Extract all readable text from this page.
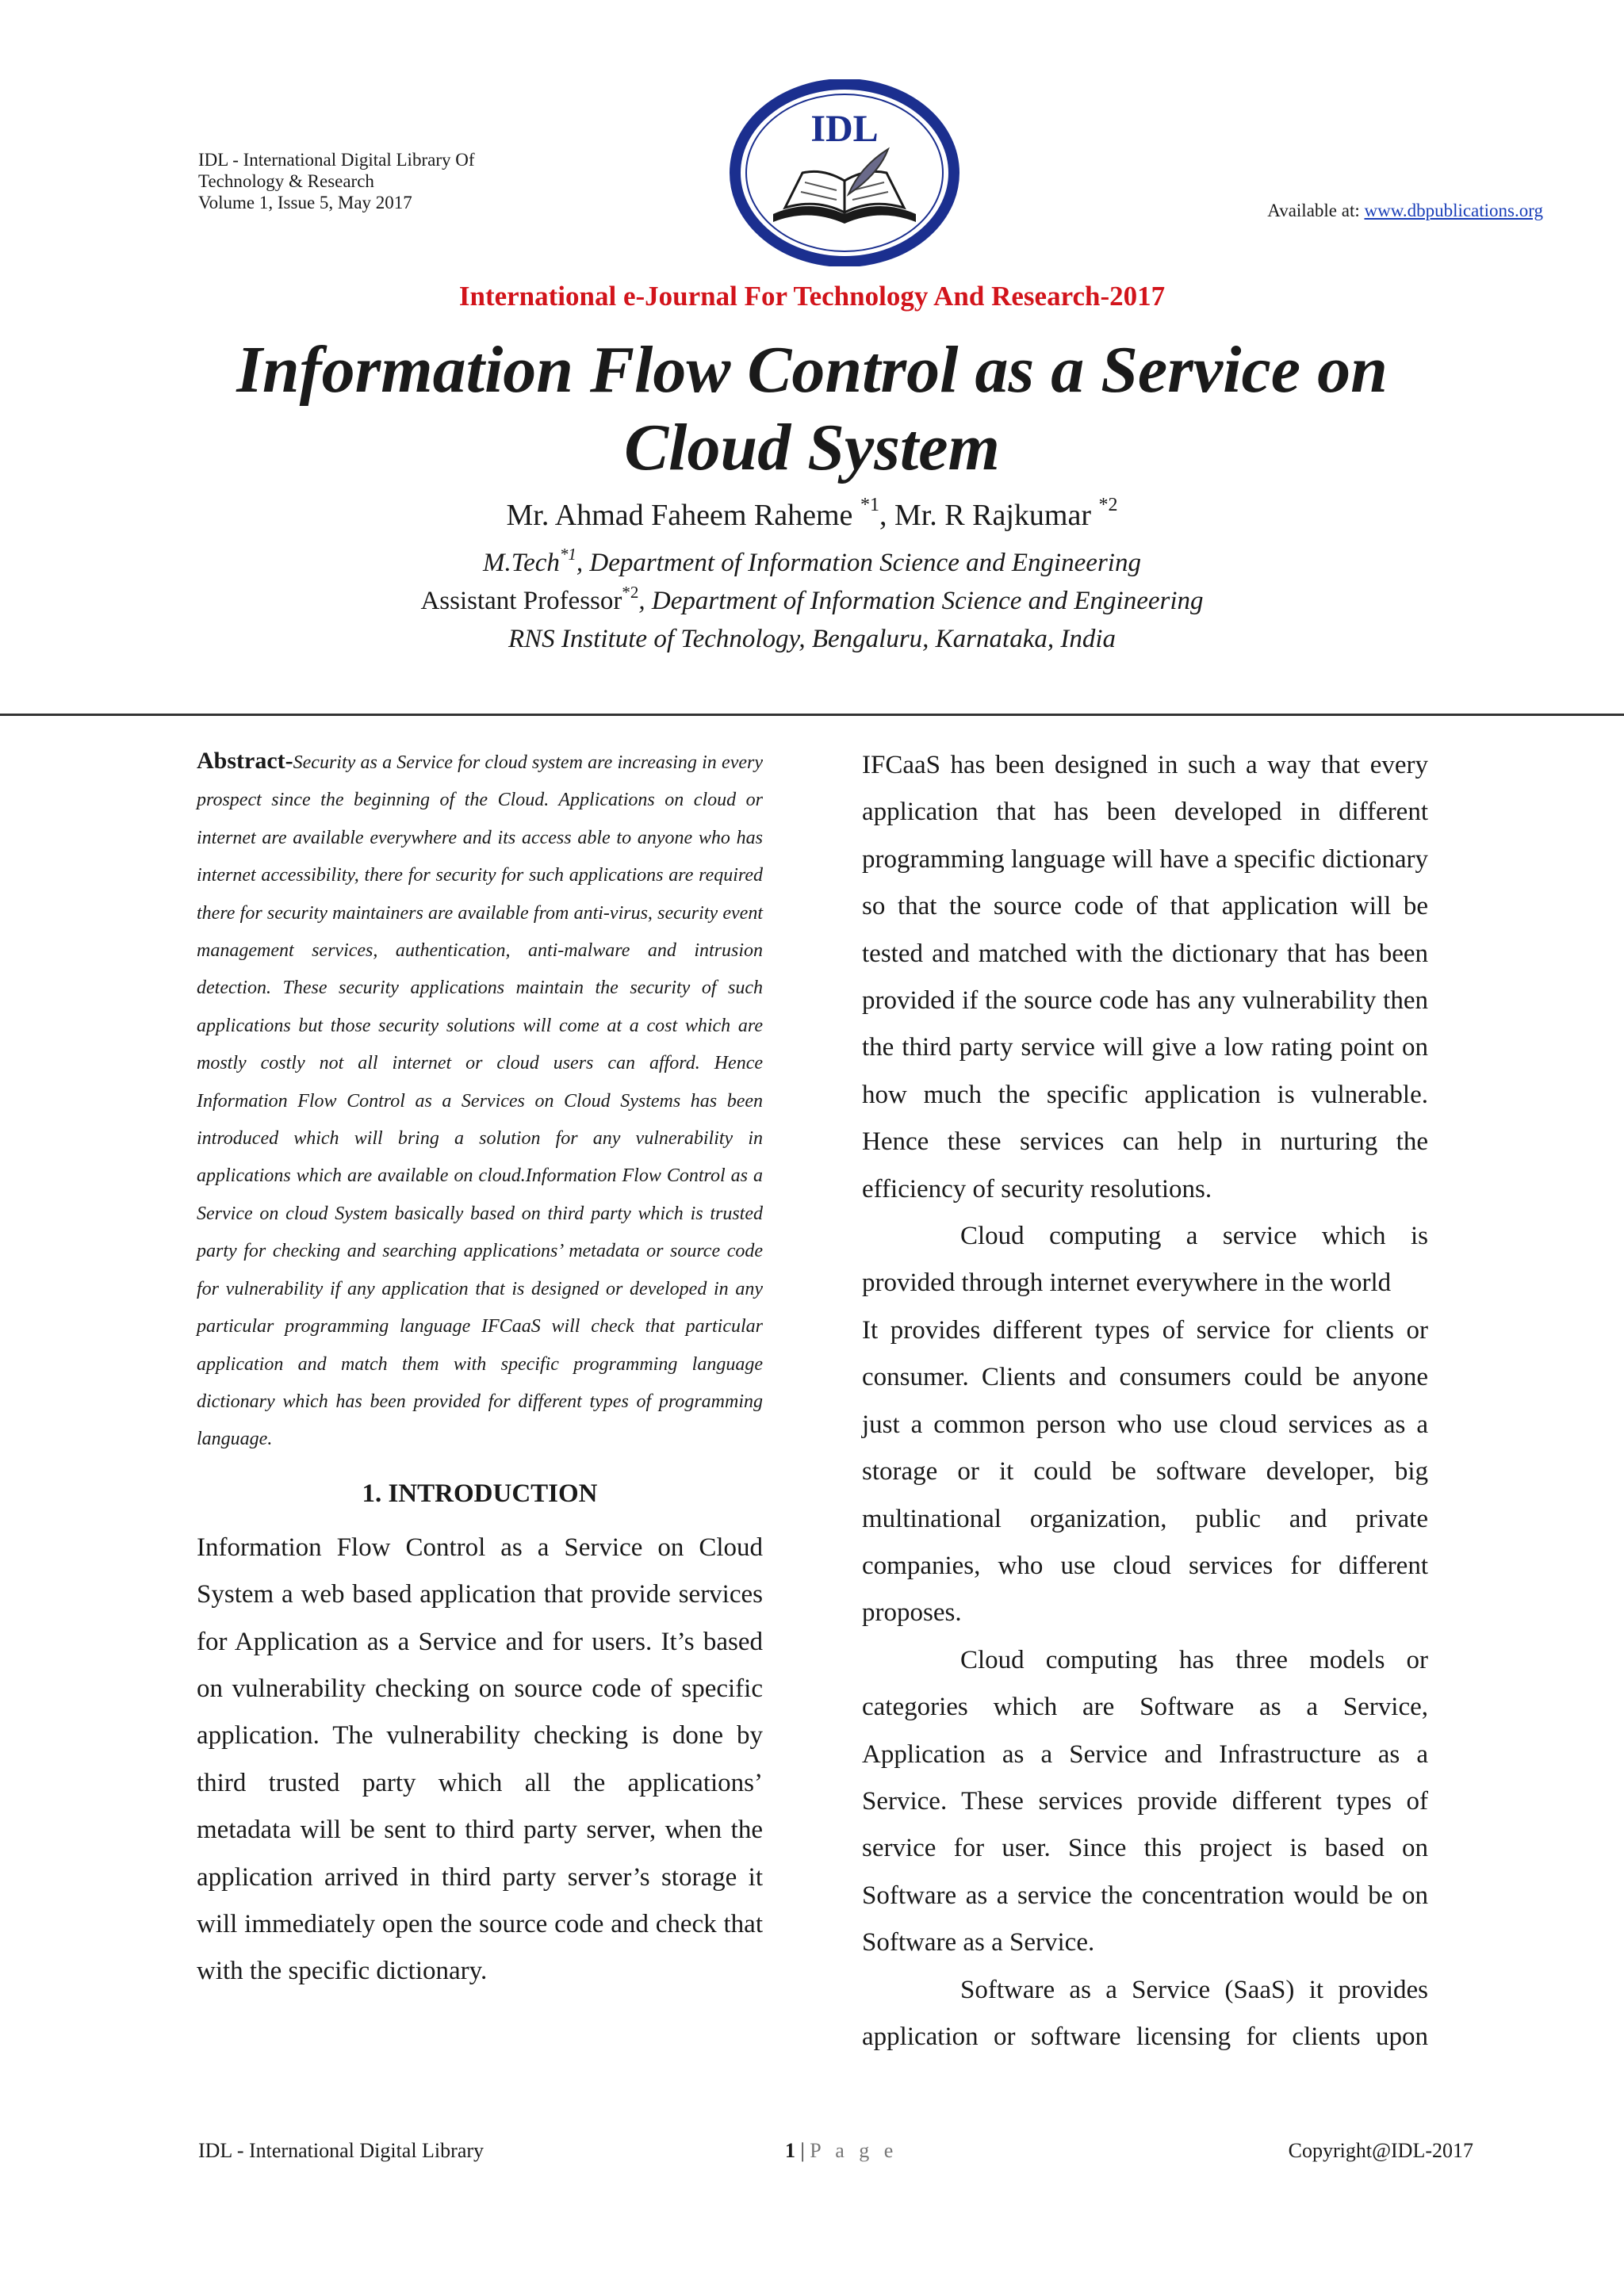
IDL - International Digital Library Of
Technology & Research
Volume 1, Issue 5, May 2017
IDL
Available at: www.dbpublications.org
International e-Journal For Technology And Research-2017
Information Flow Control as a Service on
Cloud System
Mr. Ahmad Faheem Raheme $^{*1}$, Mr. R Rajkumar $^{*2}$
M.Tech$^{*1}$, Department of Information Science and Engineering
Assistant Professor$^{*2}$, Department of Information Science and Engineering
RNS Institute of Technology, Bengaluru, Karnataka, India

Abstract-Security as a Service for cloud system are increasing in every prospect since the beginning of the Cloud. Applications on cloud or internet are available everywhere and its access able to anyone who has internet accessibility, there for security for such applications are required there for security maintainers are available from anti-virus, security event management services, authentication, anti-malware and intrusion detection. These security applications maintain the security of such applications but those security solutions will come at a cost which are mostly costly not all internet or cloud users can afford. Hence Information Flow Control as a Services on Cloud Systems has been introduced which will bring a solution for any vulnerability in applications which are available on cloud.Information Flow Control as a Service on cloud System basically based on third party which is trusted party for checking and searching applications’ metadata or source code for vulnerability if any application that is designed or developed in any particular programming language IFCaaS will check that particular application and match them with specific programming language dictionary which has been provided for different types of programming language.

1. INTRODUCTION

Information Flow Control as a Service on Cloud System a web based application that provide services for Application as a Service and for users. It’s based on vulnerability checking on source code of specific application. The vulnerability checking is done by third trusted party which all the applications’ metadata will be sent to third party server, when the application arrived in third party server’s storage it will immediately open the source code and check that with the specific dictionary.

IFCaaS has been designed in such a way that every application that has been developed in different programming language will have a specific dictionary so that the source code of that application will be tested and matched with the dictionary that has been provided if the source code has any vulnerability then the third party service will give a low rating point on how much the specific application is vulnerable. Hence these services can help in nurturing the efficiency of security resolutions.

Cloud computing a service which is

provided through internet everywhere in the world

It provides different types of service for clients or consumer. Clients and consumers could be anyone just a common person who use cloud services as a storage or it could be software developer, big multinational organization, public and private companies, who use cloud services for different proposes.

Cloud computing has three models or categories which are Software as a Service, Application as a Service and Infrastructure as a Service. These services provide different types of service for user. Since this project is based on Software as a service the concentration would be on Software as a Service.

Software as a Service (SaaS) it provides application or software licensing for clients upon

IDL - International Digital Library	1 | P a g e	Copyright@IDL-2017
